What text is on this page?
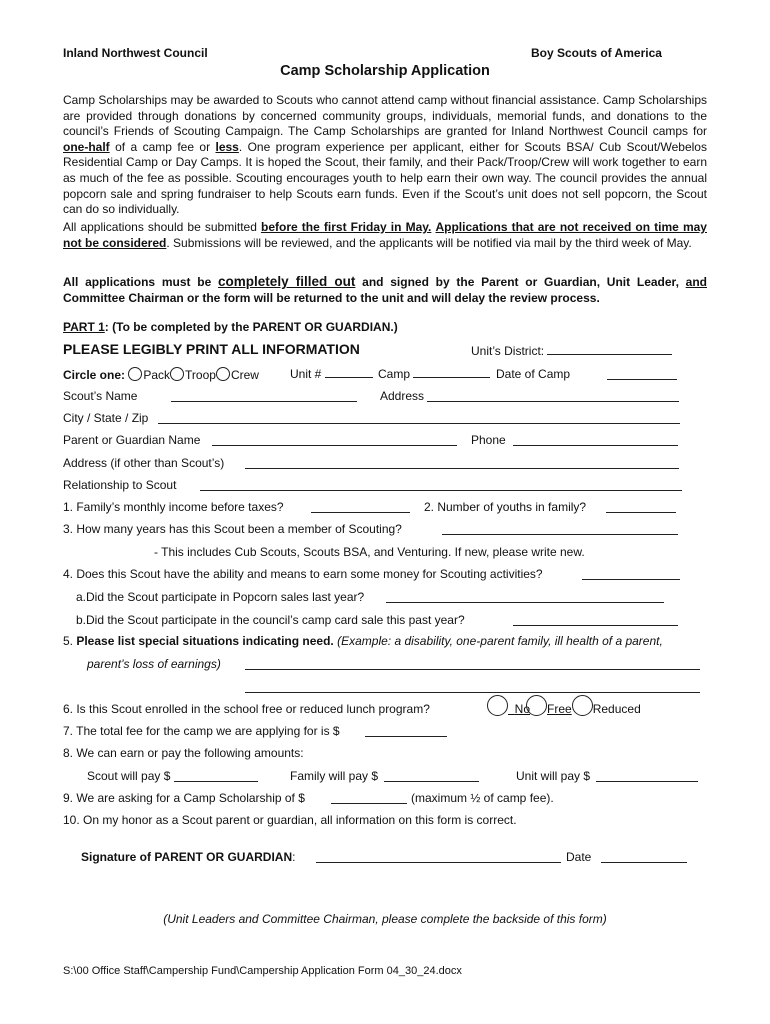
Inland Northwest Council	Boy Scouts of America
Camp Scholarship Application
Camp Scholarships may be awarded to Scouts who cannot attend camp without financial assistance. Camp Scholarships are provided through donations by concerned community groups, individuals, memorial funds, and donations to the council’s Friends of Scouting Campaign. The Camp Scholarships are granted for Inland Northwest Council camps for one-half of a camp fee or less. One program experience per applicant, either for Scouts BSA/ Cub Scout/Webelos Residential Camp or Day Camps. It is hoped the Scout, their family, and their Pack/Troop/Crew will work together to earn as much of the fee as possible. Scouting encourages youth to help earn their own way. The council provides the annual popcorn sale and spring fundraiser to help Scouts earn funds. Even if the Scout’s unit does not sell popcorn, the Scout can do so individually.
All applications should be submitted before the first Friday in May. Applications that are not received on time may not be considered. Submissions will be reviewed, and the applicants will be notified via mail by the third week of May.
All applications must be completely filled out and signed by the Parent or Guardian, Unit Leader, and Committee Chairman or the form will be returned to the unit and will delay the review process.
PART 1: (To be completed by the PARENT OR GUARDIAN.)
PLEASE LEGIBLY PRINT ALL INFORMATION	Unit’s District:
Circle one: Pack Troop Crew	Unit #	Camp	Date of Camp
Scout’s Name	Address
City / State / Zip
Parent or Guardian Name	Phone
Address (if other than Scout’s)
Relationship to Scout
1. Family’s monthly income before taxes?	2. Number of youths in family?
3. How many years has this Scout been a member of Scouting?
- This includes Cub Scouts, Scouts BSA, and Venturing. If new, please write new.
4. Does this Scout have the ability and means to earn some money for Scouting activities?
a.Did the Scout participate in Popcorn sales last year?
b.Did the Scout participate in the council’s camp card sale this past year?
5. Please list special situations indicating need. (Example: a disability, one-parent family, ill health of a parent,
parent’s loss of earnings)
6. Is this Scout enrolled in the school free or reduced lunch program?	No Free Reduced
7. The total fee for the camp we are applying for is $
8. We can earn or pay the following amounts:
Scout will pay $	Family will pay $	Unit will pay $
9. We are asking for a Camp Scholarship of $	(maximum ½ of camp fee).
10. On my honor as a Scout parent or guardian, all information on this form is correct.
Signature of PARENT OR GUARDIAN:	Date
(Unit Leaders and Committee Chairman, please complete the backside of this form)
S:\00 Office Staff\Campership Fund\Campership Application Form 04_30_24.docx
